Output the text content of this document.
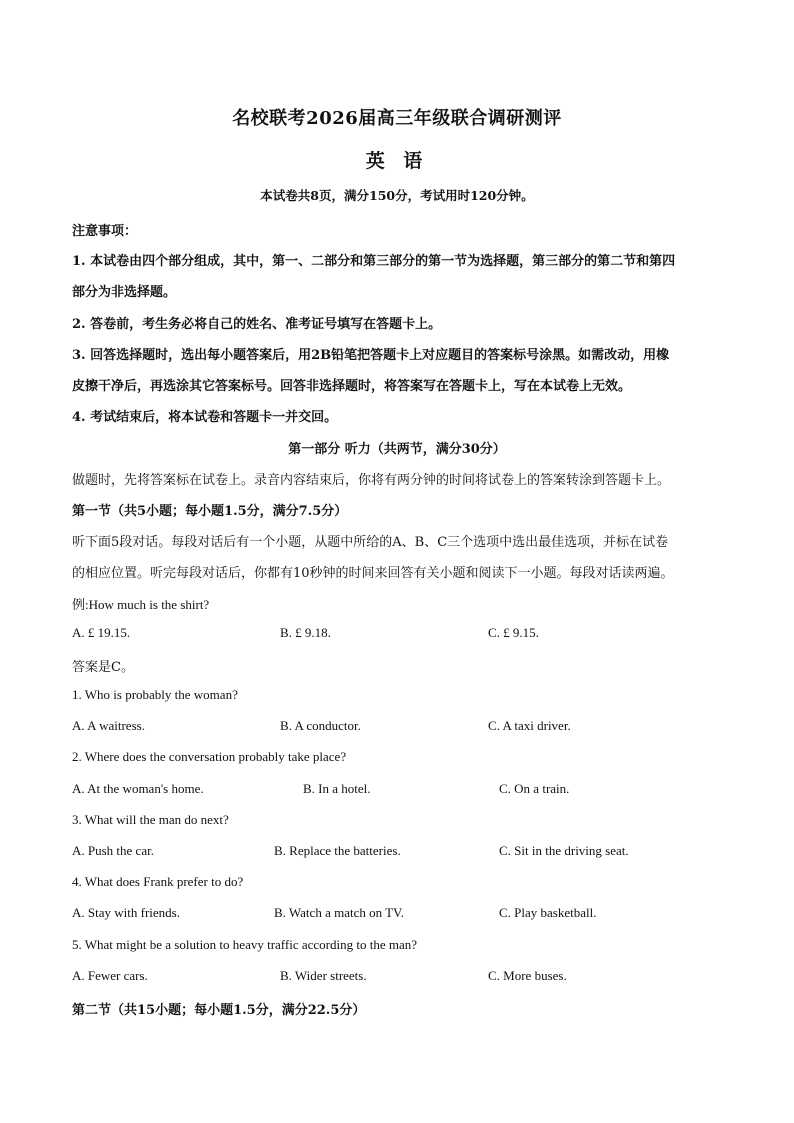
名校联考2026届高三年级联合调研测评
英 语
本试卷共8页，满分150分，考试用时120分钟。
注意事项：
1. 本试卷由四个部分组成，其中，第一、二部分和第三部分的第一节为选择题，第三部分的第二节和第四
部分为非选择题。
2. 答卷前，考生务必将自己的姓名、准考证号填写在答题卡上。
3. 回答选择题时，选出每小题答案后，用2B铅笔把答题卡上对应题目的答案标号涂黑。如需改动，用橡
皮擦干净后，再选涂其它答案标号。回答非选择题时，将答案写在答题卡上，写在本试卷上无效。
4. 考试结束后，将本试卷和答题卡一并交回。
第一部分 听力（共两节，满分30分）
做题时，先将答案标在试卷上。录音内容结束后，你将有两分钟的时间将试卷上的答案转涂到答题卡上。
第一节（共5小题；每小题1.5分，满分7.5分）
听下面5段对话。每段对话后有一个小题，从题中所给的A、B、C三个选项中选出最佳选项，并标在试卷
的相应位置。听完每段对话后，你都有10秒钟的时间来回答有关小题和阅读下一小题。每段对话读两遍。
例:How much is the shirt?
A. £ 19.15.	B. £ 9.18.	C. £ 9.15.
答案是C。
1. Who is probably the woman?
A. A waitress.	B. A conductor.	C. A taxi driver.
2. Where does the conversation probably take place?
A. At the woman's home.	B. In a hotel.	C. On a train.
3. What will the man do next?
A. Push the car.	B. Replace the batteries.	C. Sit in the driving seat.
4. What does Frank prefer to do?
A. Stay with friends.	B. Watch a match on TV.	C. Play basketball.
5. What might be a solution to heavy traffic according to the man?
A. Fewer cars.	B. Wider streets.	C. More buses.
第二节（共15小题；每小题1.5分，满分22.5分）
